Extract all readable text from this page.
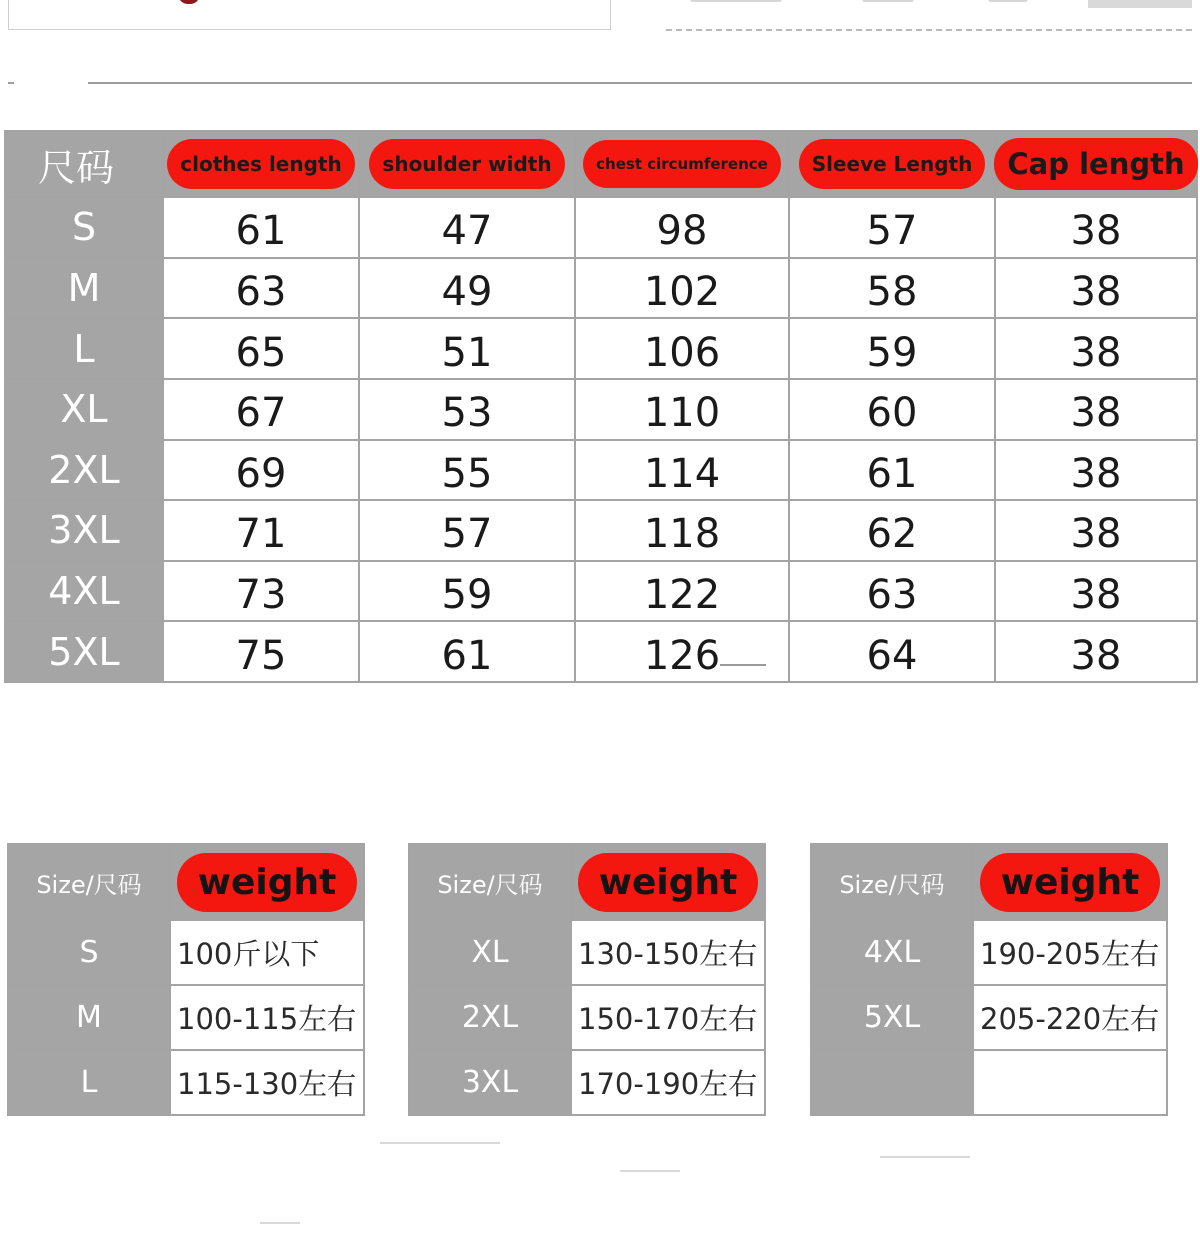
尺码	clothes length	shoulder width	chest circumference	Sleeve Length	Cap length
S	61	47	98	57	38
M	63	49	102	58	38
L	65	51	106	59	38
XL	67	53	110	60	38
2XL	69	55	114	61	38
3XL	71	57	118	62	38
4XL	73	59	122	63	38
5XL	75	61	126	64	38
Size/尺码	weight
S	100斤以下
M	100-115左右
L	115-130左右
Size/尺码	weight
XL	130-150左右
2XL	150-170左右
3XL	170-190左右
Size/尺码	weight
4XL	190-205左右
5XL	205-220左右
